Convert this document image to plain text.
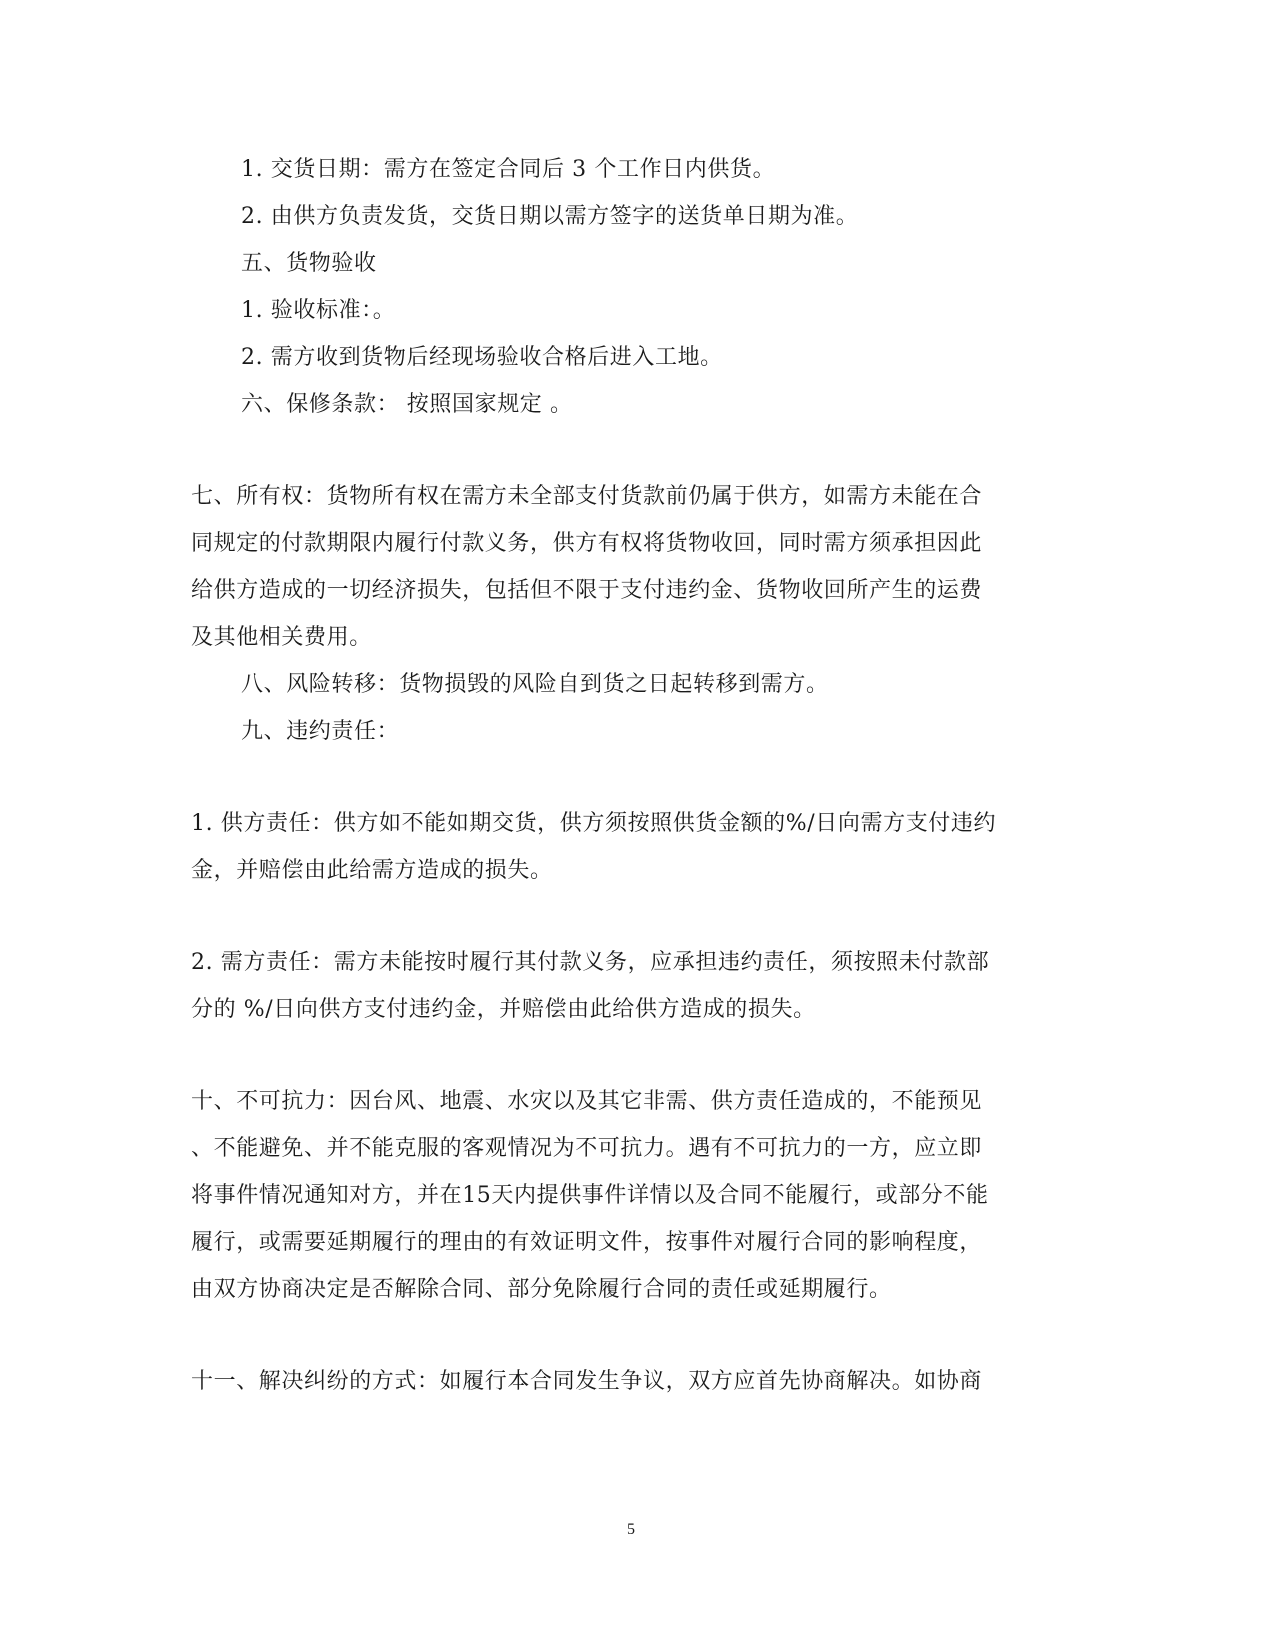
1. 交货日期：需方在签定合同后 3 个工作日内供货。
2. 由供方负责发货，交货日期以需方签字的送货单日期为准。
五、货物验收
1. 验收标准：。
2. 需方收到货物后经现场验收合格后进入工地。
六、保修条款： 按照国家规定 。
七、所有权：货物所有权在需方未全部支付货款前仍属于供方，如需方未能在合
同规定的付款期限内履行付款义务，供方有权将货物收回，同时需方须承担因此
给供方造成的一切经济损失，包括但不限于支付违约金、货物收回所产生的运费
及其他相关费用。
八、风险转移：货物损毁的风险自到货之日起转移到需方。
九、违约责任：
1. 供方责任：供方如不能如期交货，供方须按照供货金额的%/日向需方支付违约
金，并赔偿由此给需方造成的损失。
2. 需方责任：需方未能按时履行其付款义务，应承担违约责任，须按照未付款部
分的 %/日向供方支付违约金，并赔偿由此给供方造成的损失。
十、不可抗力：因台风、地震、水灾以及其它非需、供方责任造成的，不能预见
、不能避免、并不能克服的客观情况为不可抗力。遇有不可抗力的一方，应立即
将事件情况通知对方，并在15天内提供事件详情以及合同不能履行，或部分不能
履行，或需要延期履行的理由的有效证明文件，按事件对履行合同的影响程度，
由双方协商决定是否解除合同、部分免除履行合同的责任或延期履行。
十一、解决纠纷的方式：如履行本合同发生争议，双方应首先协商解决。如协商
5
